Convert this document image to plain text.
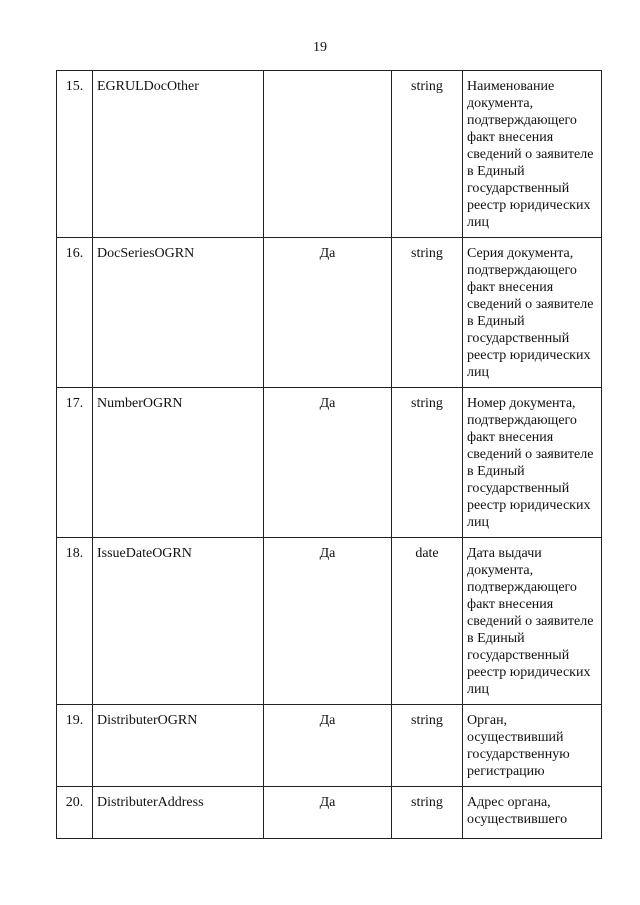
19
15.	EGRULDocOther		string	Наименование документа, подтверждающего факт внесения сведений о заявителе в Единый государственный реестр юридических лиц
16.	DocSeriesOGRN	Да	string	Серия документа, подтверждающего факт внесения сведений о заявителе в Единый государственный реестр юридических лиц
17.	NumberOGRN	Да	string	Номер документа, подтверждающего факт внесения сведений о заявителе в Единый государственный реестр юридических лиц
18.	IssueDateOGRN	Да	date	Дата выдачи документа, подтверждающего факт внесения сведений о заявителе в Единый государственный реестр юридических лиц
19.	DistributerOGRN	Да	string	Орган, осуществивший государственную регистрацию
20.	DistributerAddress	Да	string	Адрес органа, осуществившего
